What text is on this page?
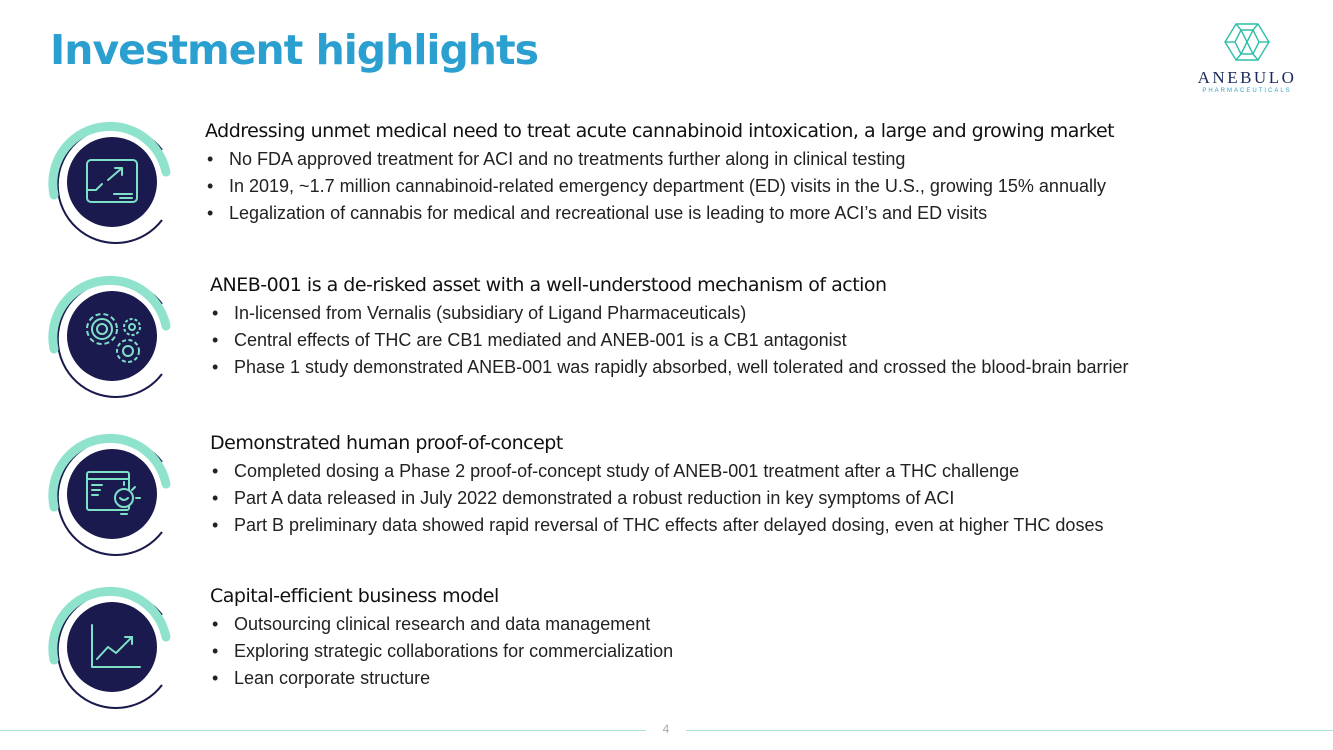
Investment highlights
ANEBULO
PHARMACEUTICALS
Addressing unmet medical need to treat acute cannabinoid intoxication, a large and growing market
• No FDA approved treatment for ACI and no treatments further along in clinical testing
• In 2019, ~1.7 million cannabinoid-related emergency department (ED) visits in the U.S., growing 15% annually
• Legalization of cannabis for medical and recreational use is leading to more ACI’s and ED visits
ANEB-001 is a de-risked asset with a well-understood mechanism of action
• In-licensed from Vernalis (subsidiary of Ligand Pharmaceuticals)
• Central effects of THC are CB1 mediated and ANEB-001 is a CB1 antagonist
• Phase 1 study demonstrated ANEB-001 was rapidly absorbed, well tolerated and crossed the blood-brain barrier
Demonstrated human proof-of-concept
• Completed dosing a Phase 2 proof-of-concept study of ANEB-001 treatment after a THC challenge
• Part A data released in July 2022 demonstrated a robust reduction in key symptoms of ACI
• Part B preliminary data showed rapid reversal of THC effects after delayed dosing, even at higher THC doses
Capital-efficient business model
• Outsourcing clinical research and data management
• Exploring strategic collaborations for commercialization
• Lean corporate structure
4
